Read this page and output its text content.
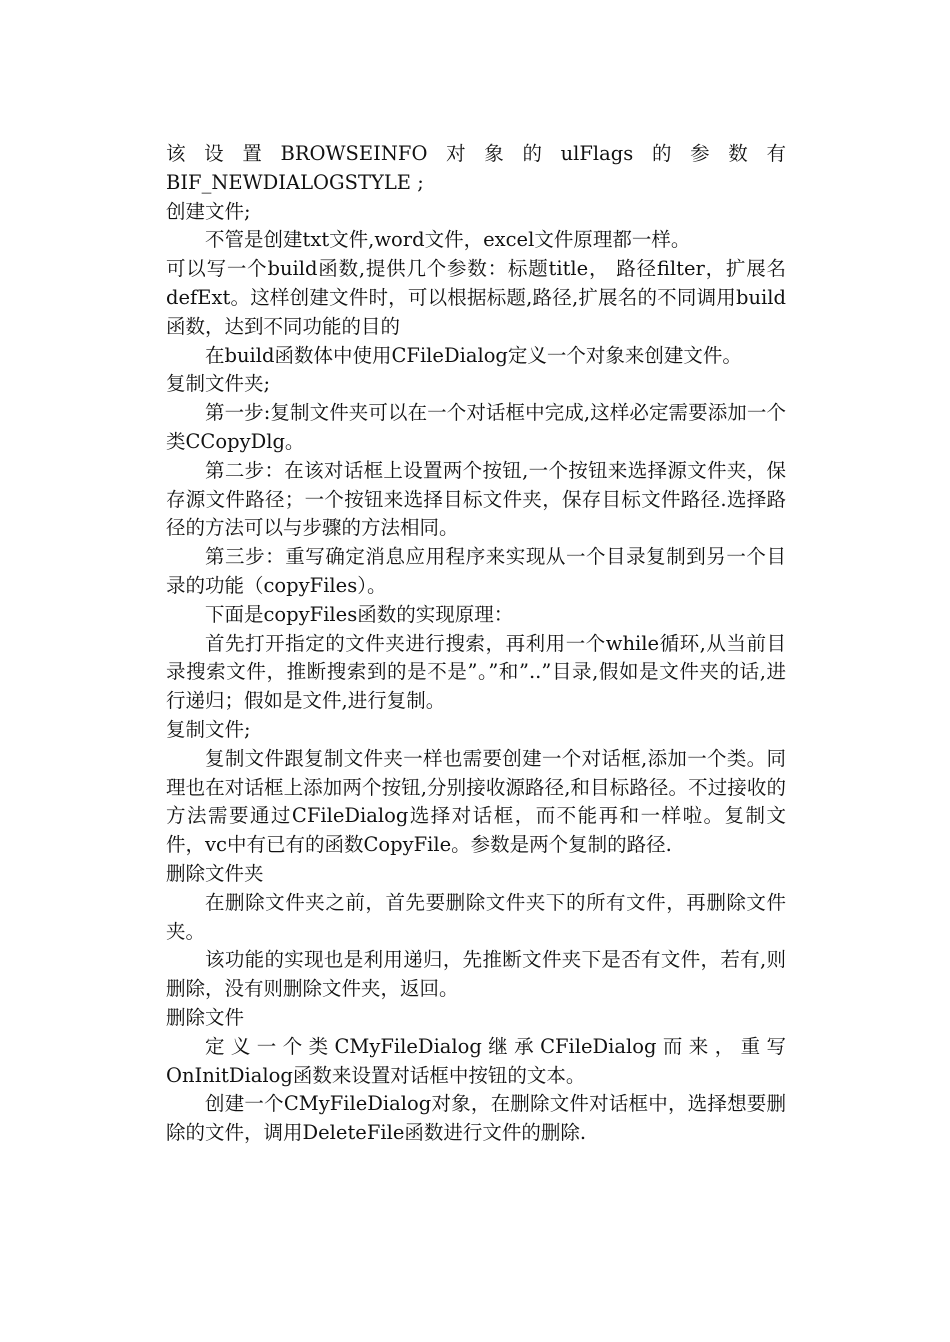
该 设 置 BROWSEINFO 对 象 的 ulFlags 的 参 数 有

BIF_NEWDIALOGSTYLE ;

创建文件;

不管是创建txt文件,word文件，excel文件原理都一样。

可以写一个build函数,提供几个参数：标题title， 路径filter，扩展名defExt。这样创建文件时，可以根据标题,路径,扩展名的不同调用build函数，达到不同功能的目的

在build函数体中使用CFileDialog定义一个对象来创建文件。

复制文件夹;

第一步:复制文件夹可以在一个对话框中完成,这样必定需要添加一个类CCopyDlg。

第二步：在该对话框上设置两个按钮,一个按钮来选择源文件夹，保存源文件路径；一个按钮来选择目标文件夹，保存目标文件路径.选择路径的方法可以与步骤的方法相同。

第三步：重写确定消息应用程序来实现从一个目录复制到另一个目录的功能（copyFiles）。

下面是copyFiles函数的实现原理：

首先打开指定的文件夹进行搜索，再利用一个while循环,从当前目录搜索文件，推断搜索到的是不是”。”和”..”目录,假如是文件夹的话,进行递归；假如是文件,进行复制。

复制文件;

复制文件跟复制文件夹一样也需要创建一个对话框,添加一个类。同理也在对话框上添加两个按钮,分别接收源路径,和目标路径。不过接收的方法需要通过CFileDialog选择对话框，而不能再和一样啦。复制文件，vc中有已有的函数CopyFile。参数是两个复制的路径.

删除文件夹

在删除文件夹之前，首先要删除文件夹下的所有文件，再删除文件夹。

该功能的实现也是利用递归，先推断文件夹下是否有文件，若有,则删除，没有则删除文件夹，返回。

删除文件

定义一个类CMyFileDialog继承CFileDialog而来，重写OnInitDialog函数来设置对话框中按钮的文本。

创建一个CMyFileDialog对象，在删除文件对话框中，选择想要删除的文件，调用DeleteFile函数进行文件的删除.
